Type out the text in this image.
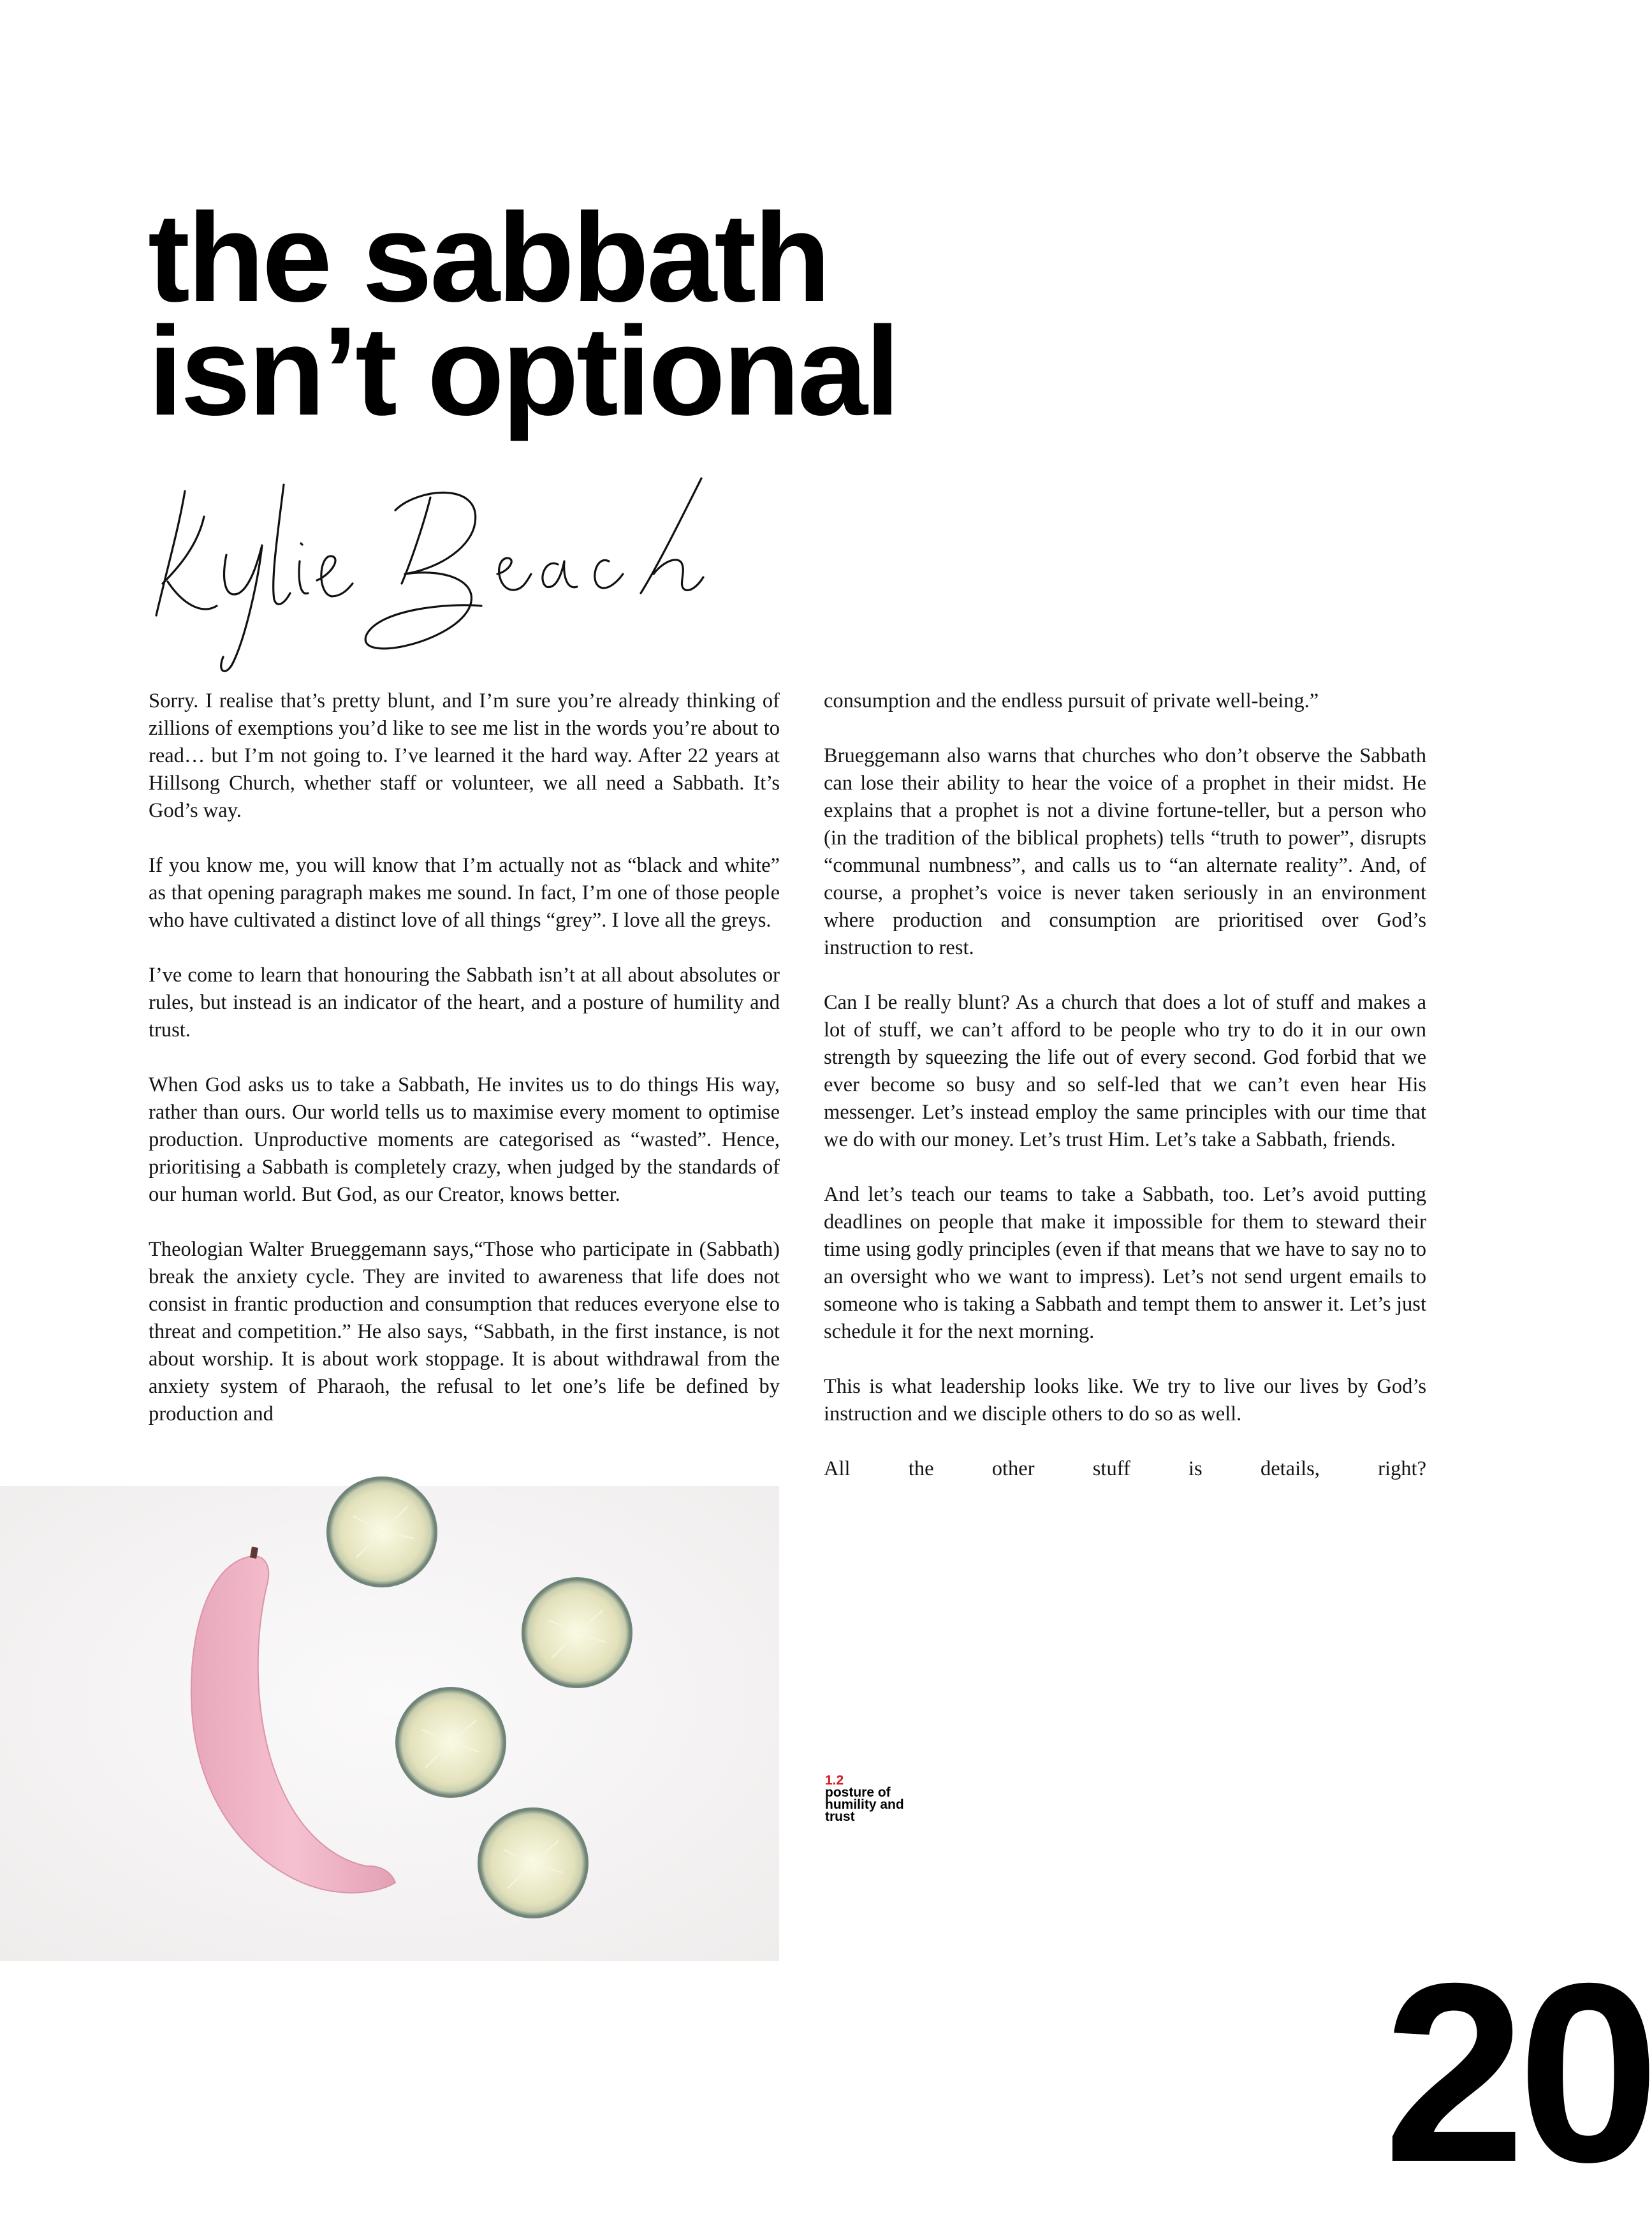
the sabbath
isn’t optional

Sorry. I realise that’s pretty blunt, and I’m sure you’re already thinking of zillions of exemptions you’d like to see me list in the words you’re about to read… but I’m not going to. I’ve learned it the hard way. After 22 years at Hillsong Church, whether staff or volunteer, we all need a Sabbath. It’s God’s way.

If you know me, you will know that I’m actually not as “black and white” as that opening paragraph makes me sound. In fact, I’m one of those people who have cultivated a distinct love of all things “grey”. I love all the greys.

I’ve come to learn that honouring the Sabbath isn’t at all about absolutes or rules, but instead is an indicator of the heart, and a posture of humility and trust.

When God asks us to take a Sabbath, He invites us to do things His way, rather than ours. Our world tells us to maximise every moment to optimise production. Unproductive moments are categorised as “wasted”. Hence, prioritising a Sabbath is completely crazy, when judged by the standards of our human world. But God, as our Creator, knows better.

Theologian Walter Brueggemann says,“Those who participate in (Sabbath) break the anxiety cycle. They are invited to awareness that life does not consist in frantic production and consumption that reduces everyone else to threat and competition.” He also says, “Sabbath, in the first instance, is not about worship. It is about work stoppage. It is about withdrawal from the anxiety system of Pharaoh, the refusal to let one’s life be defined by production and

consumption and the endless pursuit of private well-being.”

Brueggemann also warns that churches who don’t observe the Sabbath can lose their ability to hear the voice of a prophet in their midst. He explains that a prophet is not a divine fortune-teller, but a person who (in the tradition of the biblical prophets) tells “truth to power”, disrupts “communal numbness”, and calls us to “an alternate reality”. And, of course, a prophet’s voice is never taken seriously in an environment where production and consumption are prioritised over God’s instruction to rest.

Can I be really blunt? As a church that does a lot of stuff and makes a lot of stuff, we can’t afford to be people who try to do it in our own strength by squeezing the life out of every second. God forbid that we ever become so busy and so self-led that we can’t even hear His messenger. Let’s instead employ the same principles with our time that we do with our money. Let’s trust Him. Let’s take a Sabbath, friends.

And let’s teach our teams to take a Sabbath, too. Let’s avoid putting deadlines on people that make it impossible for them to steward their time using godly principles (even if that means that we have to say no to an oversight who we want to impress). Let’s not send urgent emails to someone who is taking a Sabbath and tempt them to answer it. Let’s just schedule it for the next morning.

This is what leadership looks like. We try to live our lives by God’s instruction and we disciple others to do so as well.

All the other stuff is details, right?

1.2
posture of humility and trust
20
